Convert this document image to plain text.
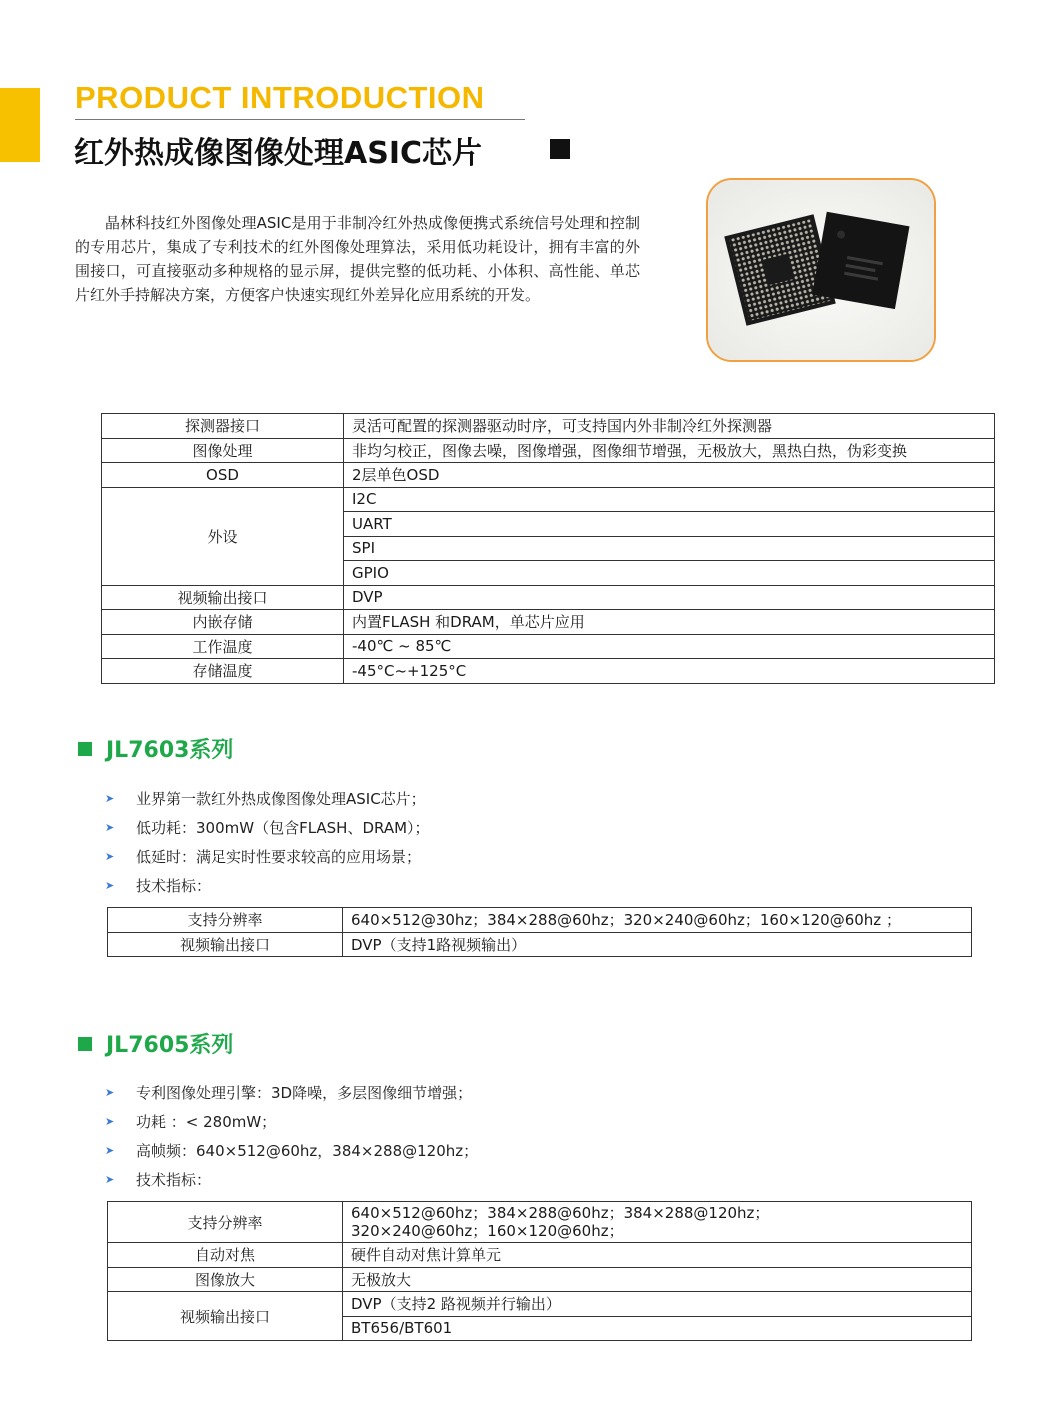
PRODUCT INTRODUCTION
红外热成像图像处理ASIC芯片

晶林科技红外图像处理ASIC是用于非制冷红外热成像便携式系统信号处理和控制的专用芯片，集成了专利技术的红外图像处理算法，采用低功耗设计，拥有丰富的外围接口，可直接驱动多种规格的显示屏，提供完整的低功耗、小体积、高性能、单芯片红外手持解决方案，方便客户快速实现红外差异化应用系统的开发。

探测器接口	灵活可配置的探测器驱动时序，可支持国内外非制冷红外探测器
图像处理	非均匀校正，图像去噪，图像增强，图像细节增强，无极放大，黑热白热，伪彩变换
OSD	2层单色OSD
外设	I2C
	UART
	SPI
	GPIO
视频输出接口	DVP
内嵌存储	内置FLASH 和DRAM，单芯片应用
工作温度	-40℃ ~ 85℃
存储温度	-45°C~+125°C
JL7603系列
➤	业界第一款红外热成像图像处理ASIC芯片；
➤	低功耗：300mW（包含FLASH、DRAM）；
➤	低延时：满足实时性要求较高的应用场景；
➤	技术指标：
支持分辨率	640×512@30hz；384×288@60hz；320×240@60hz；160×120@60hz ；
视频输出接口	DVP（支持1路视频输出）
JL7605系列
➤	专利图像处理引擎：3D降噪，多层图像细节增强；
➤	功耗 ：< 280mW；
➤	高帧频：640×512@60hz，384×288@120hz；
➤	技术指标：
支持分辨率	640×512@60hz；384×288@60hz；384×288@120hz；
320×240@60hz；160×120@60hz；

自动对焦	硬件自动对焦计算单元
图像放大	无极放大
视频输出接口	DVP（支持2 路视频并行输出）
	BT656/BT601
